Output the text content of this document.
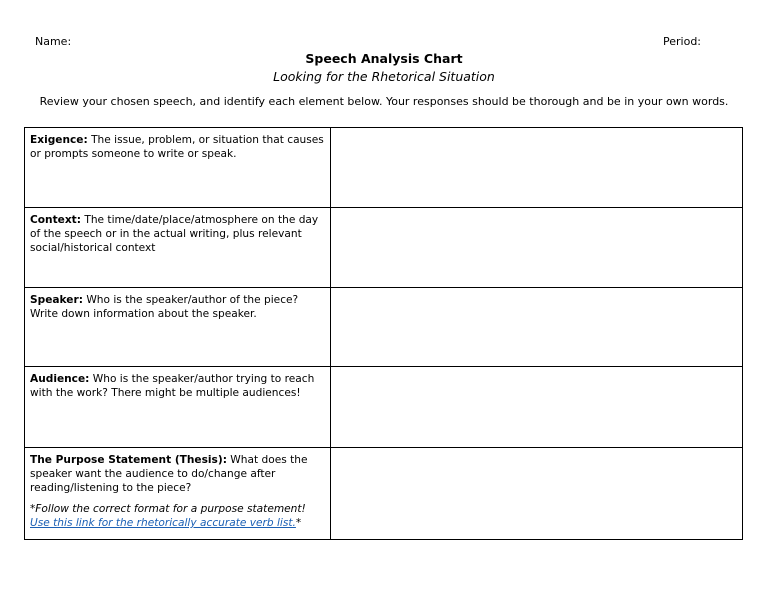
Name:	Period:
Speech Analysis Chart
Looking for the Rhetorical Situation
Review your chosen speech, and identify each element below. Your responses should be thorough and be in your own words.
Exigence: The issue, problem, or situation that causes or prompts someone to write or speak.	
Context: The time/date/place/atmosphere on the day of the speech or in the actual writing, plus relevant social/historical context	
Speaker: Who is the speaker/author of the piece? Write down information about the speaker.	
Audience: Who is the speaker/author trying to reach with the work? There might be multiple audiences!	
The Purpose Statement (Thesis): What does the speaker want the audience to do/change after reading/listening to the piece?
*Follow the correct format for a purpose statement!
Use this link for the rhetorically accurate verb list.*	
